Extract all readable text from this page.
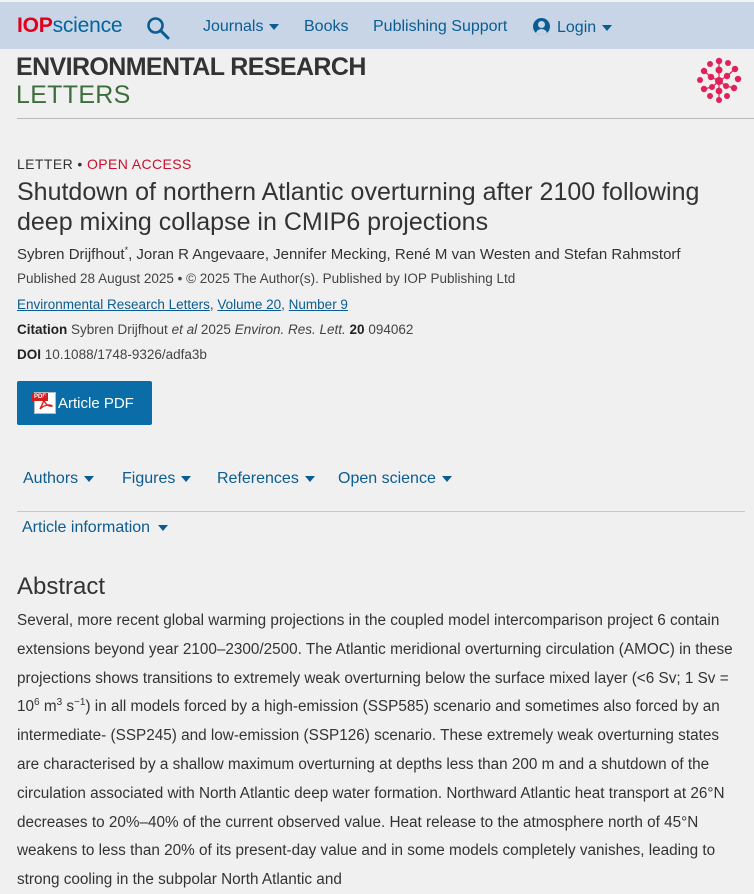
IOPscience	Journals	Books Publishing Support	Login
ENVIRONMENTAL RESEARCH
LETTERS
LETTER • OPEN ACCESS
Shutdown of northern Atlantic overturning after 2100 following deep mixing collapse in CMIP6 projections
Sybren Drijfhout*, Joran R Angevaare, Jennifer Mecking, René M van Westen and Stefan Rahmstorf
Published 28 August 2025 • © 2025 The Author(s). Published by IOP Publishing Ltd
Environmental Research Letters, Volume 20, Number 9
Citation Sybren Drijfhout et al 2025 Environ. Res. Lett. 20 094062
DOI 10.1088/1748-9326/adfa3b
PDF Article PDF
Authors	Figures	References	Open science
Article information
Abstract

Several, more recent global warming projections in the coupled model intercomparison project 6 contain extensions beyond year 2100–2300/2500. The Atlantic meridional overturning circulation (AMOC) in these projections shows transitions to extremely weak overturning below the surface mixed layer (<6 Sv; 1 $Sv = 10^6$ $m^3$ $s^{-1}$) in all models forced by a high-emission (SSP585) scenario and sometimes also forced by an intermediate- (SSP245) and low-emission (SSP126) scenario. These extremely weak overturning states are characterised by a shallow maximum overturning at depths less than 200 m and a shutdown of the circulation associated with North Atlantic deep water formation. Northward Atlantic heat transport at 26°N decreases to 20%–40% of the current observed value. Heat release to the atmosphere north of 45°N weakens to less than 20% of its present-day value and in some models completely vanishes, leading to strong cooling in the subpolar North Atlantic and
